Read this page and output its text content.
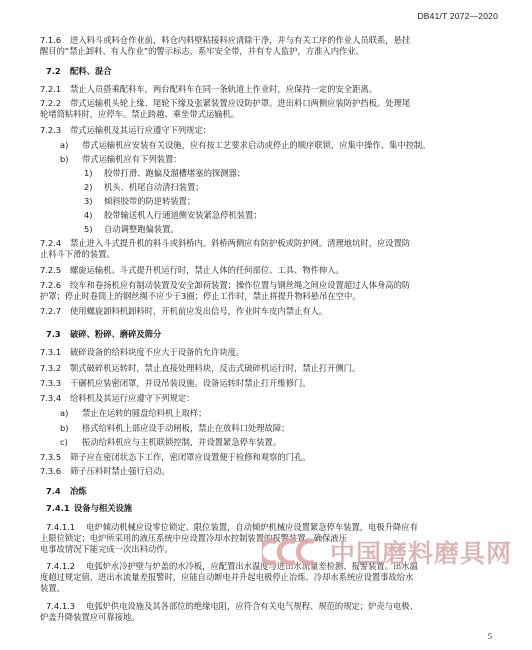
DB41/T 2072—2020
7.1.6 进入料斗或料仓作业前，料仓内料壁粘接料应清除干净，并与有关工序的作业人员联系，悬挂
醒目的“禁止卸料、有人作业”的警示标志，系牢安全带，并有专人监护，方准入内作业。
7.2 配料、混合
7.2.1 禁止人员搭乘配料车，两台配料车在同一条轨道上作业时，应保持一定的安全距离。
7.2.2 带式运输机头轮上缘、尾轮下缘及张紧装置应设防护罩。进出料口两侧应装防护挡板。处理尾
轮堵筒粘料时，应停车。禁止跨越、乘坐带式运输机。
7.2.3 带式运输机及其运行应遵守下列规定：
a) 带式运输机应安装有关设施，应有按工艺要求启动或停止的顺序联锁，应集中操作、集中控制。
b) 带式运输机应有下列装置：
1) 胶带打滑、跑偏及溜槽堵塞的探测器；
2) 机头、机尾自动清扫装置；
3) 倾斜胶带的防逆转装置；
4) 胶带输送机人行通道侧安装紧急停机装置；
5) 自动调整跑偏装置。
7.2.4 禁止进入斗式提升机的料斗或斜桥内。斜桥两侧应有防护板或防护网。清理地坑时，应设置防
止料斗下滑的装置。
7.2.5 螺旋运输机、斗式提升机运行时，禁止人体的任何部位、工具、物件伸入。
7.2.6 绞车和卷扬机应有制动装置及安全卸荷装置；操作位置与钢丝绳之间应设置超过人体身高的防
护罩；停止时卷筒上的钢丝绳不应少于3圈；停止工作时，禁止将提升物料悬吊在空中。
7.2.7 使用螺旋卸料机卸料时，开机前应发出信号，作业时车皮内禁止有人。
7.3 破碎、粉碎、磨碎及筛分
7.3.1 破碎设备的给料块度不应大于设备的允许块度。
7.3.2 颚式破碎机运转时，禁止直接处理料块，反击式破碎机运行时，禁止打开侧门。
7.3.3 干碾机应装密闭罩，并设吊装设施。设备运转时禁止打开维修门。
7.3.4 给料机及其运行应遵守下列规定：
a) 禁止在运转的圆盘给料机上取样；
b) 格式给料机上部应设手动闸板，禁止在放料口处理故障；
c) 振动给料机应与主机联锁控制，并设置紧急停车装置。
7.3.5 筛子应在密闭状态下工作，密闭罩应设置便于检修和观察的门孔。
7.3.6 筛子压料时禁止强行启动。
7.4 冶炼
7.4.1 设备与相关设施
7.4.1.1 电炉倾动机械应设零位锁定、限位装置，自动倾炉机械应设置紧急停车装置，电极升降应有
上限位锁定；电炉所采用的液压系统中应设置冷却水控制装置的报警装置，确保液压
电事故情况下能完成一次出料动作。
7.4.1.2 电弧炉水冷护壁与炉盖的水冷板，应配置出水温度与进出水流量差检测、报警装置。出水温
度超过规定值、进出水流量差报警时，应能自动断电并升起电极停止冶炼。冷却水系统应设置事故给水
装置。
7.4.1.3 电弧炉供电设施及其各部位的绝缘电阻，应符合有关电气规程、规范的规定；炉壳与电极、
炉盖升降装置应可靠接地。
中国磨料磨具网
5
